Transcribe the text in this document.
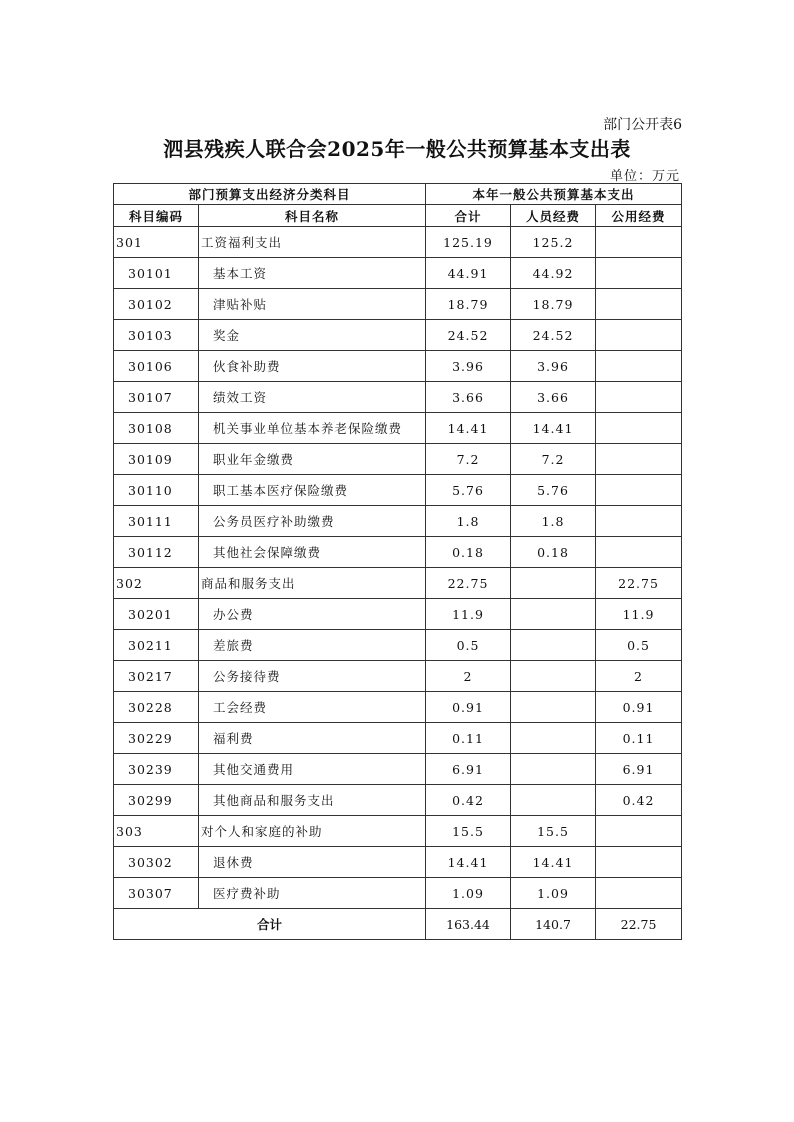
部门公开表6
泗县残疾人联合会2025年一般公共预算基本支出表
单位：万元
部门预算支出经济分类科目		本年一般公共预算基本支出		
科目编码	科目名称	合计	人员经费	公用经费
301	工资福利支出	125.19	125.2	
30101	基本工资	44.91	44.92	
30102	津贴补贴	18.79	18.79	
30103	奖金	24.52	24.52	
30106	伙食补助费	3.96	3.96	
30107	绩效工资	3.66	3.66	
30108	机关事业单位基本养老保险缴费	14.41	14.41	
30109	职业年金缴费	7.2	7.2	
30110	职工基本医疗保险缴费	5.76	5.76	
30111	公务员医疗补助缴费	1.8	1.8	
30112	其他社会保障缴费	0.18	0.18	
302	商品和服务支出	22.75		22.75
30201	办公费	11.9		11.9
30211	差旅费	0.5		0.5
30217	公务接待费	2		2
30228	工会经费	0.91		0.91
30229	福利费	0.11		0.11
30239	其他交通费用	6.91		6.91
30299	其他商品和服务支出	0.42		0.42
303	对个人和家庭的补助	15.5	15.5	
30302	退休费	14.41	14.41	
30307	医疗费补助	1.09	1.09	
合计		163.44	140.7	22.75
